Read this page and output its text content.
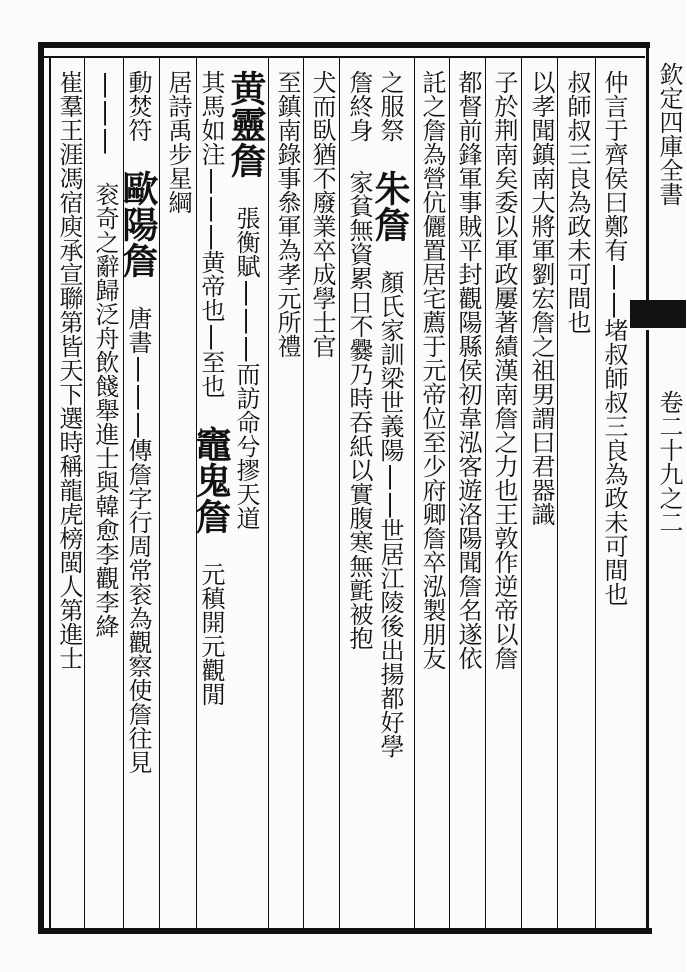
欽定四庫全書
卷二十九之二
仲言于齊侯曰鄭有||堵叔師叔三良為政未可間也
叔師叔三良為政未可間也
以孝聞鎮南大將軍劉宏詹之祖男謂曰君器識
子於荆南矣委以軍政屢著績漢南詹之力也王敦作逆帝以詹
都督前鋒軍事賊平封觀陽縣侯初韋泓客遊洛陽聞詹名遂依
託之詹為營伉儷置居宅薦于元帝位至少府卿詹卒泓製朋友
之服祭 朱詹 顏氏家訓梁世義陽||世居江陵後出揚都好學
詹終身 家貧無資累日不爨乃時吞紙以實腹寒無氈被抱
犬而臥猶不廢業卒成學士官
至鎮南錄事叅軍為孝元所禮
黄靈詹 張衡賦|||而訪命兮摎天道
其馬如注|||黄帝也|至也 竈鬼詹 元稹開元觀閒
居詩禹步星綱
動焚符 歐陽詹 唐書|||傳詹字行周常衮為觀察使詹往見
||| 衮奇之辭歸泛舟飲餞舉進士與韓愈李觀李絳
崔羣王涯馮宿庾承宣聯第皆天下選時稱龍虎榜閩人第進士
